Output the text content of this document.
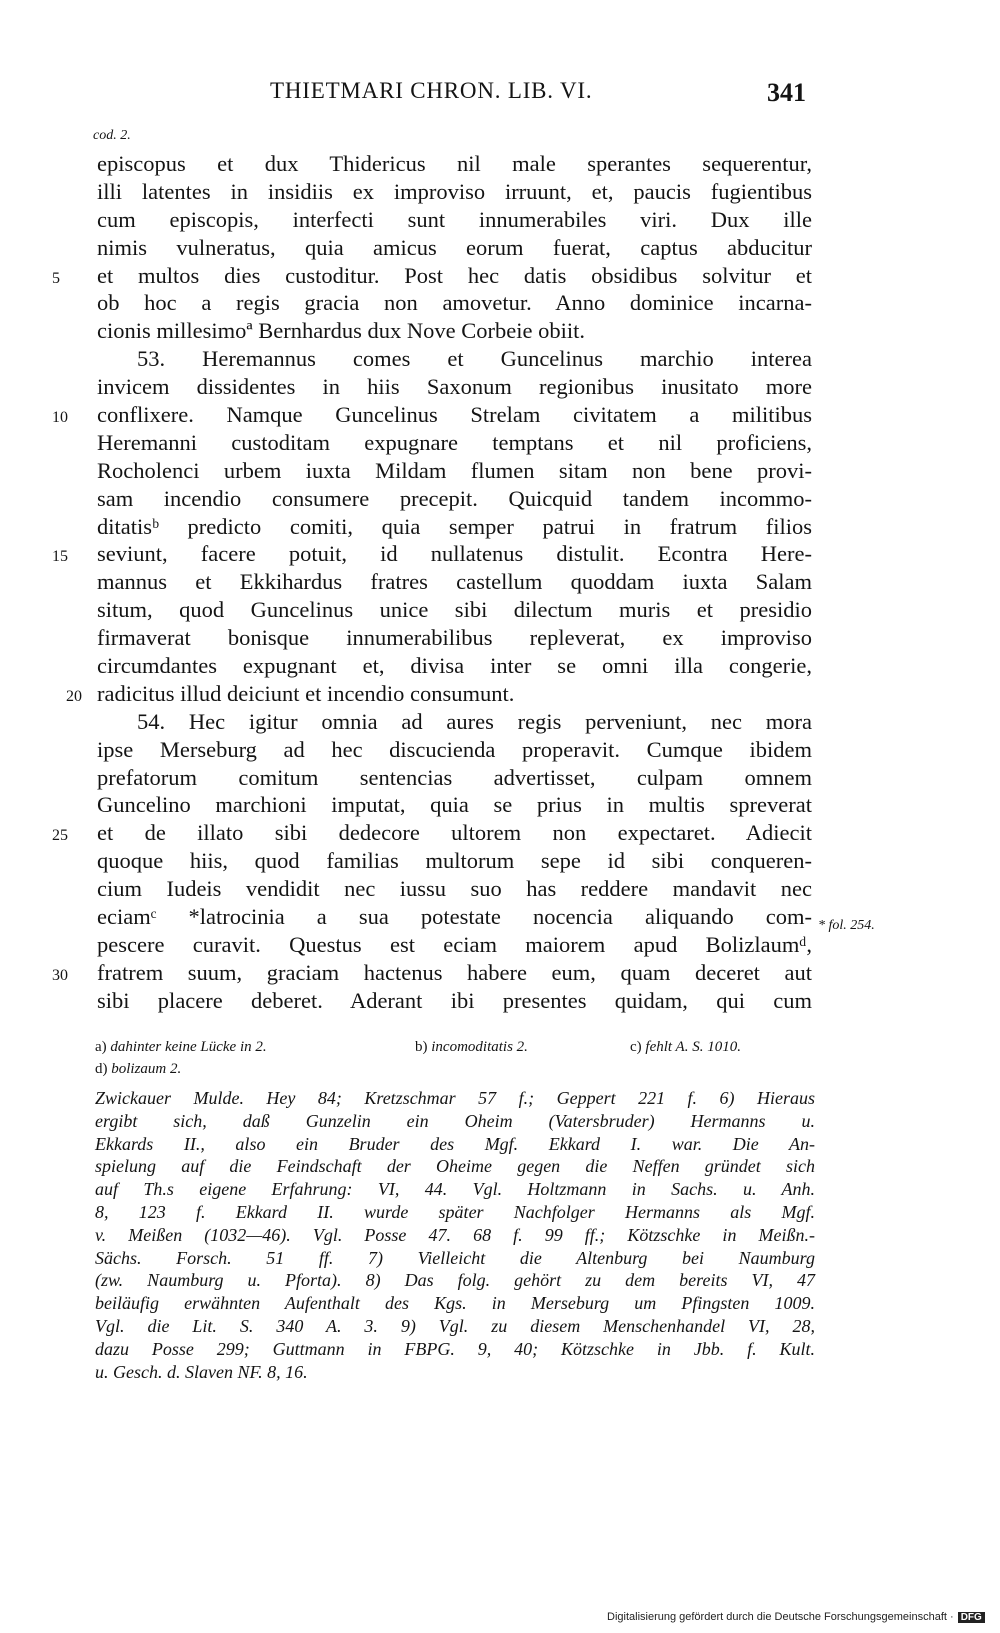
THIETMARI CHRON. LIB. VI.	341
cod. 2.
episcopus et dux Thidericus nil male sperantes sequerentur,
illi latentes in insidiis ex improviso irruunt, et, paucis fugientibus
cum episcopis, interfecti sunt innumerabiles viri. Dux ille
nimis vulneratus, quia amicus eorum fuerat, captus abducitur
5	et multos dies custoditur. Post hec datis obsidibus solvitur et
ob hoc a regis gracia non amovetur. Anno dominice incarna-
cionis millesimoª Bernhardus dux Nove Corbeie obiit.
53. Heremannus comes et Guncelinus marchio interea
invicem dissidentes in hiis Saxonum regionibus inusitato more
10	conflixere. Namque Guncelinus Strelam civitatem a militibus
Heremanni custoditam expugnare temptans et nil proficiens,
Rocholenci urbem iuxta Mildam flumen sitam non bene provi-
sam incendio consumere precepit. Quicquid tandem incommo-
ditatisᵇ predicto comiti, quia semper patrui in fratrum filios
15	seviunt, facere potuit, id nullatenus distulit. Econtra Here-
mannus et Ekkihardus fratres castellum quoddam iuxta Salam
situm, quod Guncelinus unice sibi dilectum muris et presidio
firmaverat bonisque innumerabilibus repleverat, ex improviso
circumdantes expugnant et, divisa inter se omni illa congerie,
20 radicitus illud deiciunt et incendio consumunt.
54. Hec igitur omnia ad aures regis perveniunt, nec mora
ipse Merseburg ad hec discucienda properavit. Cumque ibidem
prefatorum comitum sentencias advertisset, culpam omnem
Guncelino marchioni imputat, quia se prius in multis spreverat
25	et de illato sibi dedecore ultorem non expectaret. Adiecit
quoque hiis, quod familias multorum sepe id sibi conqueren-
cium Iudeis vendidit nec iussu suo has reddere mandavit nec
eciamᶜ *latrocinia a sua potestate nocencia aliquando com-
pescere curavit. Questus est eciam maiorem apud Bolizlaumᵈ,
30	fratrem suum, graciam hactenus habere eum, quam deceret aut
sibi placere deberet. Aderant ibi presentes quidam, qui cum
* fol. 254.
a) dahinter keine Lücke in 2.	b) incomoditatis 2.	c) fehlt A. S. 1010.
d) bolizaum 2.
Zwickauer Mulde. Hey 84; Kretzschmar 57 f.; Geppert 221 f. 6) Hieraus
ergibt sich, daß Gunzelin ein Oheim (Vatersbruder) Hermanns u.
Ekkards II., also ein Bruder des Mgf. Ekkard I. war. Die An-
spielung auf die Feindschaft der Oheime gegen die Neffen gründet sich
auf Th.s eigene Erfahrung: VI, 44. Vgl. Holtzmann in Sachs. u. Anh.
8, 123 f. Ekkard II. wurde später Nachfolger Hermanns als Mgf.
v. Meißen (1032—46). Vgl. Posse 47. 68 f. 99 ff.; Kötzschke in Meißn.-
Sächs. Forsch. 51 ff. 7) Vielleicht die Altenburg bei Naumburg
(zw. Naumburg u. Pforta). 8) Das folg. gehört zu dem bereits VI, 47
beiläufig erwähnten Aufenthalt des Kgs. in Merseburg um Pfingsten 1009.
Vgl. die Lit. S. 340 A. 3. 9) Vgl. zu diesem Menschenhandel VI, 28,
dazu Posse 299; Guttmann in FBPG. 9, 40; Kötzschke in Jbb. f. Kult.
u. Gesch. d. Slaven NF. 8, 16.
Digitalisierung gefördert durch die Deutsche Forschungsgemeinschaft · DFG
